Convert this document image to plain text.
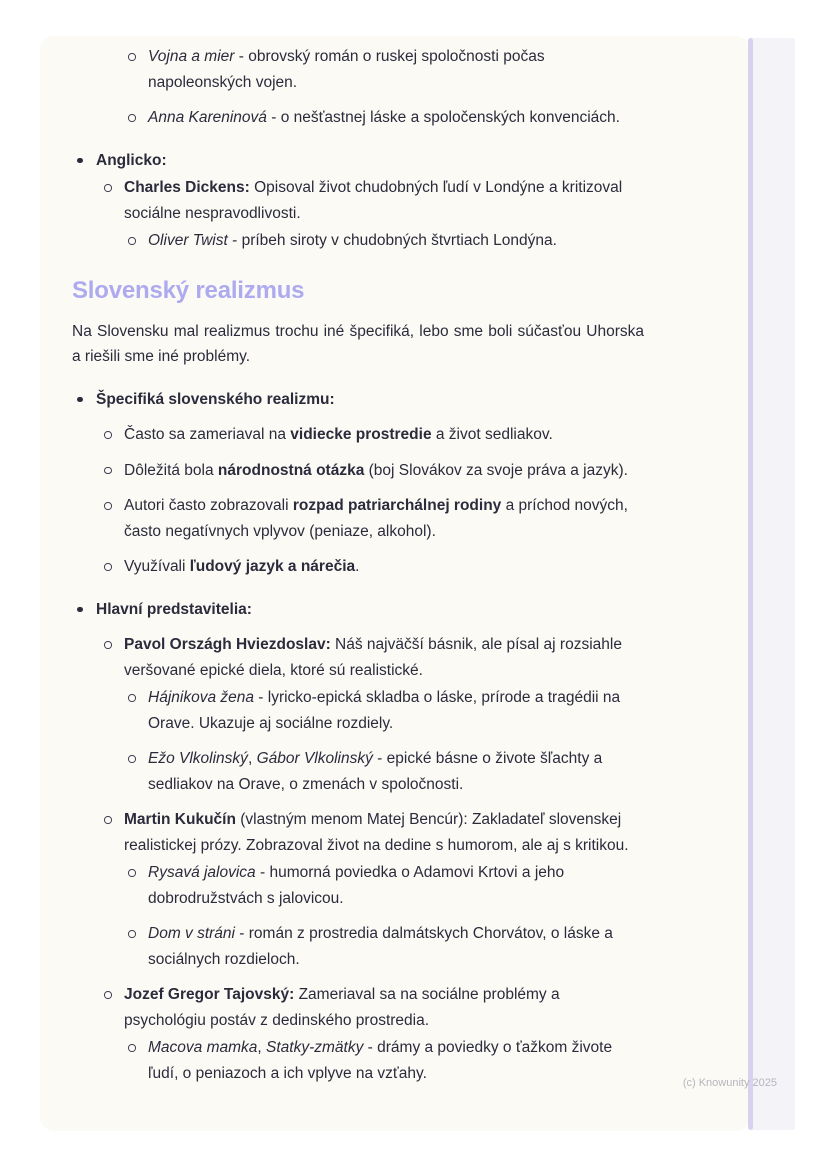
Vojna a mier - obrovský román o ruskej spoločnosti počas napoleonských vojen.
Anna Kareninová - o nešťastnej láske a spoločenských konvenciách.
Anglicko:
Charles Dickens: Opisoval život chudobných ľudí v Londýne a kritizoval sociálne nespravodlivosti.
Oliver Twist - príbeh siroty v chudobných štvrtiach Londýna.
Slovenský realizmus

Na Slovensku mal realizmus trochu iné špecifiká, lebo sme boli súčasťou Uhorska a riešili sme iné problémy.

Špecifiká slovenského realizmu:
Často sa zameriaval na vidiecke prostredie a život sedliakov.
Dôležitá bola národnostná otázka (boj Slovákov za svoje práva a jazyk).
Autori často zobrazovali rozpad patriarchálnej rodiny a príchod nových, často negatívnych vplyvov (peniaze, alkohol).
Využívali ľudový jazyk a nárečia.
Hlavní predstavitelia:
Pavol Országh Hviezdoslav: Náš najväčší básnik, ale písal aj rozsiahle veršované epické diela, ktoré sú realistické.
Hájnikova žena - lyricko-epická skladba o láske, prírode a tragédii na Orave. Ukazuje aj sociálne rozdiely.
Ežo Vlkolinský, Gábor Vlkolinský - epické básne o živote šľachty a sedliakov na Orave, o zmenách v spoločnosti.
Martin Kukučín (vlastným menom Matej Bencúr): Zakladateľ slovenskej realistickej prózy. Zobrazoval život na dedine s humorom, ale aj s kritikou.
Rysavá jalovica - humorná poviedka o Adamovi Krtovi a jeho dobrodružstvách s jalovicou.
Dom v stráni - román z prostredia dalmátskych Chorvátov, o láske a sociálnych rozdieloch.
Jozef Gregor Tajovský: Zameriaval sa na sociálne problémy a psychológiu postáv z dedinského prostredia.
Macova mamka, Statky-zmätky - drámy a poviedky o ťažkom živote ľudí, o peniazoch a ich vplyve na vzťahy.
(c) Knowunity 2025
